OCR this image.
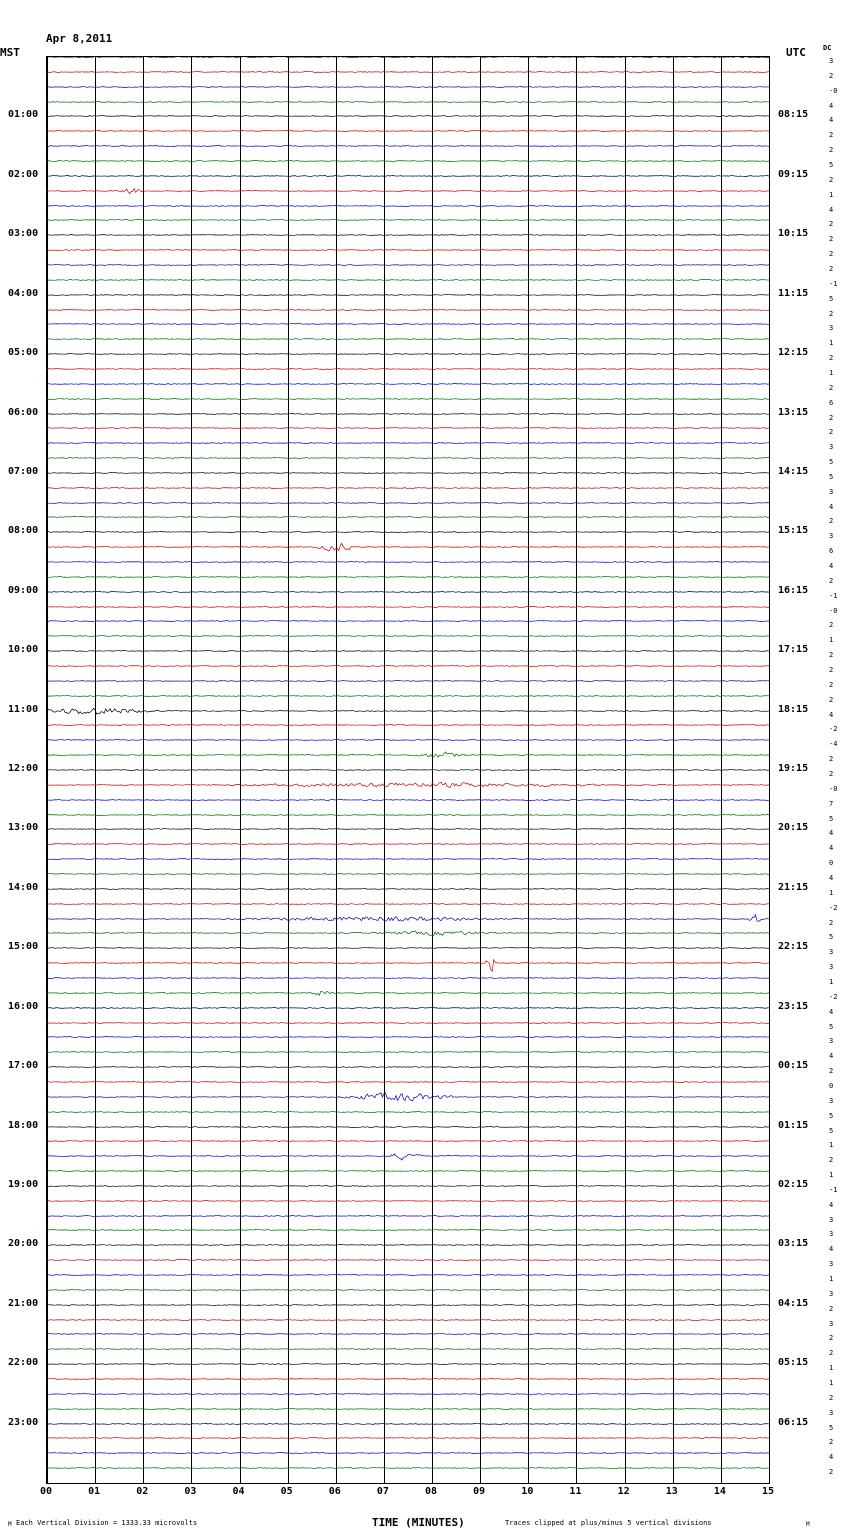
Apr 8,2011

MST	UTC DC
00	01	02	03	04	05	06	07	08	09	10	11	12	13	14	15
M Each Vertical Division = 1333.33 microvolts	TIME (MINUTES)	Traces clipped at plus/minus 5 vertical divisions	M
01:00	08:15
02:00	09:15
03:00	10:15
04:00	11:15
05:00	12:15
06:00	13:15
07:00	14:15
08:00	15:15
09:00	16:15
10:00	17:15
11:00	18:15
12:00	19:15
13:00	20:15
14:00	21:15
15:00	22:15
16:00	23:15
17:00	00:15
18:00	01:15
19:00	02:15
20:00	03:15
21:00	04:15
22:00	05:15
23:00	06:15
3
2
-0
4
4
2
2
5
2
1
4
2
2
2
2
-1
5
2
3
1
2
1
2
6
2
2
3
5
5
3
4
2
3
6
4
2
-1
-0
2
1
2
2
2
2
4
-2
-4
2
2
-0
7
5
4
4
0
4
1
-2
2
5
3
3
1
-2
4
5
3
4
2
0
3
5
5
1
2
1
-1
4
3
3
4
3
1
3
2
3
2
2
1
1
2
3
5
2
4
2
